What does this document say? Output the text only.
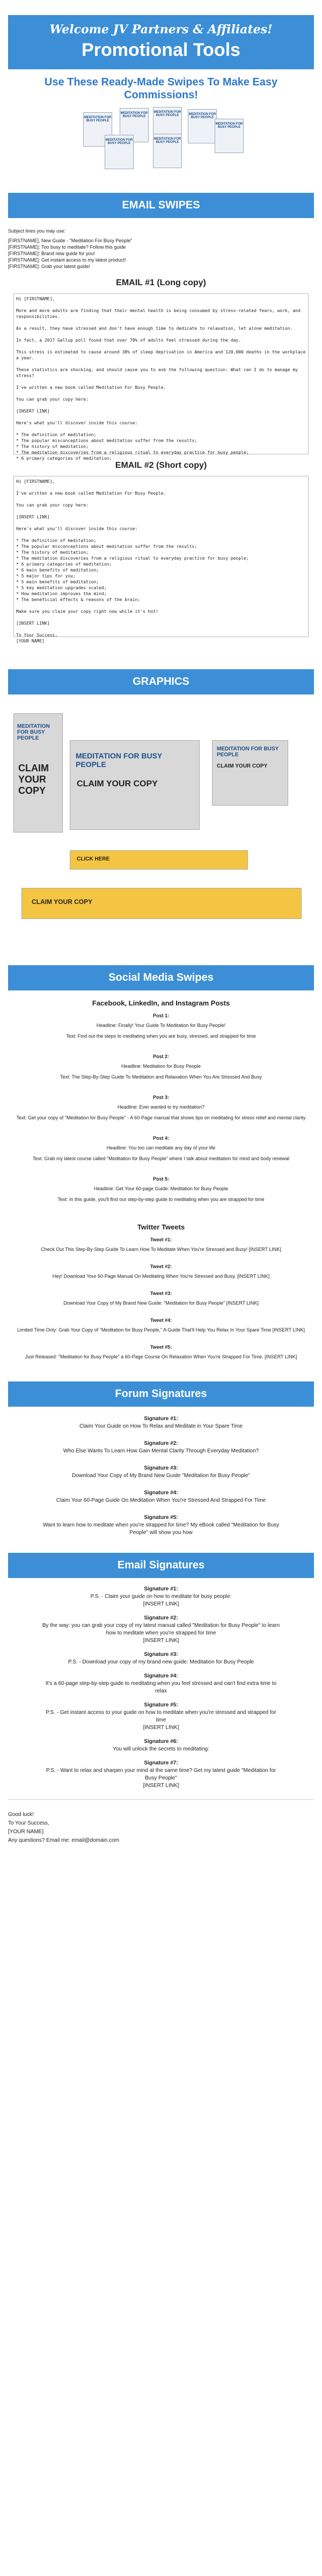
Welcome JV Partners & Affiliates!
Promotional Tools
Use These Ready-Made Swipes To Make Easy Commissions!
MEDITATION FOR BUSY PEOPLE
MEDITATION FOR BUSY PEOPLE
MEDITATION FOR BUSY PEOPLE	MEDITATION FOR BUSY PEOPLE
MEDITATION FOR BUSY PEOPLE
MEDITATION FOR BUSY PEOPLE
MEDITATION FOR BUSY PEOPLE
EMAIL SWIPES
Subject lines you may use:
[FIRSTNAME], New Guide - "Meditation For Busy People"
[FIRSTNAME]: Too busy to meditate? Follow this guide
[FIRSTNAME]: Brand new guide for you!
[FIRSTNAME]: Get instant access to my latest product!
[FIRSTNAME]: Grab your latest guide!
EMAIL #1 (Long copy)
Hi [FIRSTNAME],

More and more adults are finding that their mental health is being consumed by stress-related fears, work, and responsibilities.

As a result, they have stressed and don't have enough time to dedicate to relaxation, let alone meditation.

In fact, a 2017 Gallup poll found that over 70% of adults feel stressed during the day.

This stress is estimated to cause around 38% of sleep deprivation in America and 120,000 deaths in the workplace a year.

These statistics are shocking, and should cause you to ask the following question: What can I do to manage my stress?

I've written a new book called Meditation For Busy People.

You can grab your copy here:

[INSERT LINK]

Here's what you'll discover inside this course:

* The definition of meditation;
* The popular misconceptions about meditation suffer from the results;
* The history of meditation;
* The meditation discoveries from a religious ritual to everyday practice for busy people;
* 6 primary categories of meditation;
EMAIL #2 (Short copy)
Hi [FIRSTNAME],

I've written a new book called Meditation For Busy People.

You can grab your copy here:

[INSERT LINK]

Here's what you'll discover inside this course:

* The definition of meditation;
* The popular misconceptions about meditation suffer from the results;
* The history of meditation;
* The meditation discoveries from a religious ritual to everyday practice for busy people;
* 6 primary categories of meditation;
* 6 main benefits of meditation;
* 5 major tips for you;
* 5 main benefits of meditation;
* 5 key meditation upgrades scaled;
* How meditation improves the mind;
* The beneficial effects & reasons of the brain;

Make sure you claim your copy right now while it's hot!

[INSERT LINK]

To Your Success,
[YOUR NAME]
GRAPHICS
MEDITATION FOR BUSY PEOPLE
CLAIM YOUR COPY
MEDITATION FOR BUSY PEOPLE
CLAIM YOUR COPY
MEDITATION FOR BUSY PEOPLE
CLAIM YOUR COPY
CLICK HERE
CLAIM YOUR COPY
Social Media Swipes
Facebook, LinkedIn, and Instagram Posts
Post 1:
Headline: Finally! Your Guide To Meditation for Busy People!
Text: Find out the steps to meditating when you are busy, stressed, and strapped for time
Post 2:
Headline: Meditation for Busy People
Text: The Step-By-Step Guide To Meditation and Relaxation When You Are Stressed And Busy
Post 3:
Headline: Ever wanted to try meditation?
Text: Get your copy of "Meditation for Busy People" - A 60-Page manual that shows tips on meditating for stress relief and mental clarity
Post 4:
Headline: You too can meditate any day of your life
Text: Grab my latest course called "Meditation for Busy People" where I talk about meditation for mind and body renewal
Post 5:
Headline: Get Your 60-page Guide: Meditation for Busy People
Text: In this guide, you'll find our step-by-step guide to meditating when you are strapped for time
Twitter Tweets
Tweet #1:
Check Out This Step-By-Step Guide To Learn How To Meditate When You're Stressed and Busy! [INSERT LINK]
Tweet #2:
Hey! Download Your 60-Page Manual On Meditating When You're Stressed and Busy. [INSERT LINK]
Tweet #3:
Download Your Copy of My Brand New Guide: "Meditation for Busy People" [INSERT LINK]
Tweet #4:
Limited Time Only: Grab Your Copy of "Meditation for Busy People," A Guide That'll Help You Relax In Your Spare Time [INSERT LINK]
Tweet #5:
Just Released: "Meditation for Busy People" a 60-Page Course On Relaxation When You're Strapped For Time. [INSERT LINK]
Forum Signatures
Signature #1:
Claim Your Guide on How To Relax and Meditate in Your Spare Time
Signature #2:
Who Else Wants To Learn How Gain Mental Clarity Through Everyday Meditation?
Signature #3:
Download Your Copy of My Brand New Guide "Meditation for Busy People"
Signature #4:
Claim Your 60-Page Guide On Meditation When You're Stressed And Strapped For Time
Signature #5:
Want to learn how to meditate when you're strapped for time? My eBook called "Meditation for Busy People" will show you how
Email Signatures
Signature #1:
P.S. - Claim your guide on how to meditate for busy people:
[INSERT LINK]
Signature #2:
By the way: you can grab your copy of my latest manual called "Meditation for Busy People" to learn how to meditate when you're strapped for time
[INSERT LINK]
Signature #3:
P.S. - Download your copy of my brand new guide: Meditation for Busy People
Signature #4:
It's a 60-page step-by-step guide to meditating when you feel stressed and can't find extra time to relax
Signature #5:
P.S. - Get instant access to your guide on how to meditate when you're stressed and strapped for time
[INSERT LINK]
Signature #6:
You will unlock the secrets to meditating:
Signature #7:
P.S. - Want to relax and sharpen your mind at the same time? Get my latest guide "Meditation for Busy People"
[INSERT LINK]
Good luck!
To Your Success,
[YOUR NAME]
Any questions? Email me: email@domain.com
